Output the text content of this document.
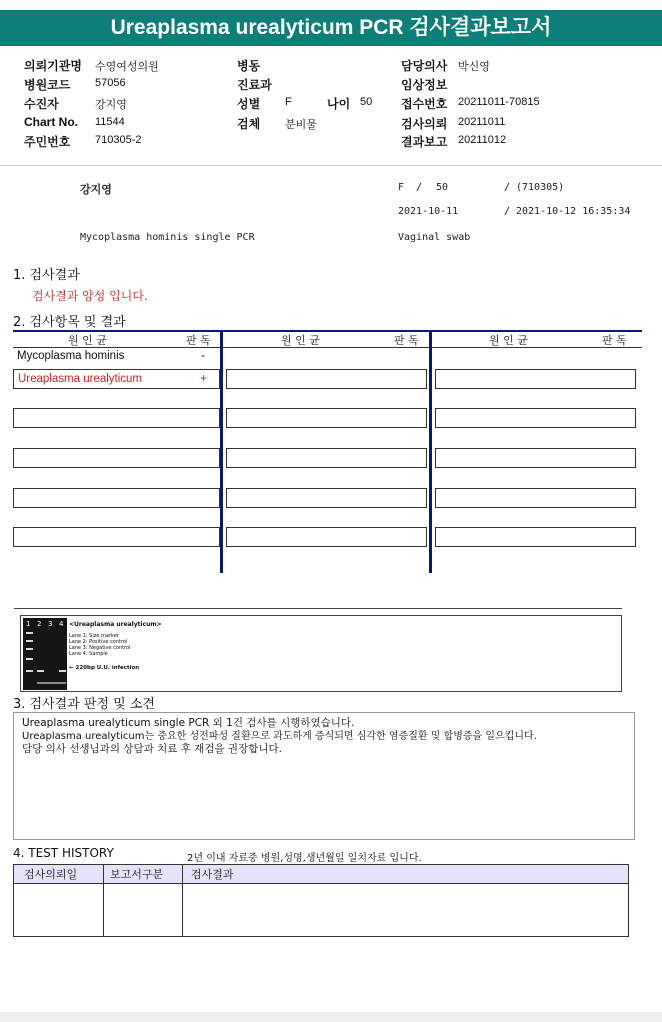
Ureaplasma urealyticum PCR 검사결과보고서
의뢰기관명 수영여성의원
병원코드 57056
수진자	강지영
Chart No. 11544
주민번호 710305-2
병동
진료과
성별 F	나이 50
검체 분비물
담당의사 박신영
임상정보
접수번호 20211011-70815
검사의뢰 20211011
결과보고 20211012
강지영	F / 50	/ (710305)
2021-10-11	/ 2021-10-12 16:35:34
Mycoplasma hominis single PCR	Vaginal swab
1. 검사결과
검사결과 양성 입니다.
2. 검사항목 및 결과
원 인 균	판 독	원 인 균	판 독	원 인 균	판 독
Mycoplasma hominis	-
Ureaplasma urealyticum	+
1 2 3 4 <Ureaplasma urealyticum>
Lane 1: Size marker
Lane 2: Positive control
Lane 3: Negative control
Lane 4: Sample
← 220bp U.U. infection
3. 검사결과 판정 및 소견

Ureaplasma urealyticum single PCR 외 1건 검사를 시행하였습니다.

Ureaplasma urealyticum는 중요한 성전파성 질환으로 과도하게 증식되면 심각한 염증질환 및 합병증을 일으킵니다.

담당 의사 선생님과의 상담과 치료 후 재검을 권장합니다.

4. TEST HISTORY	2년 이내 자료중 병원,성명,생년월일 일치자료 입니다.
검사의뢰일	보고서구분	검사결과
